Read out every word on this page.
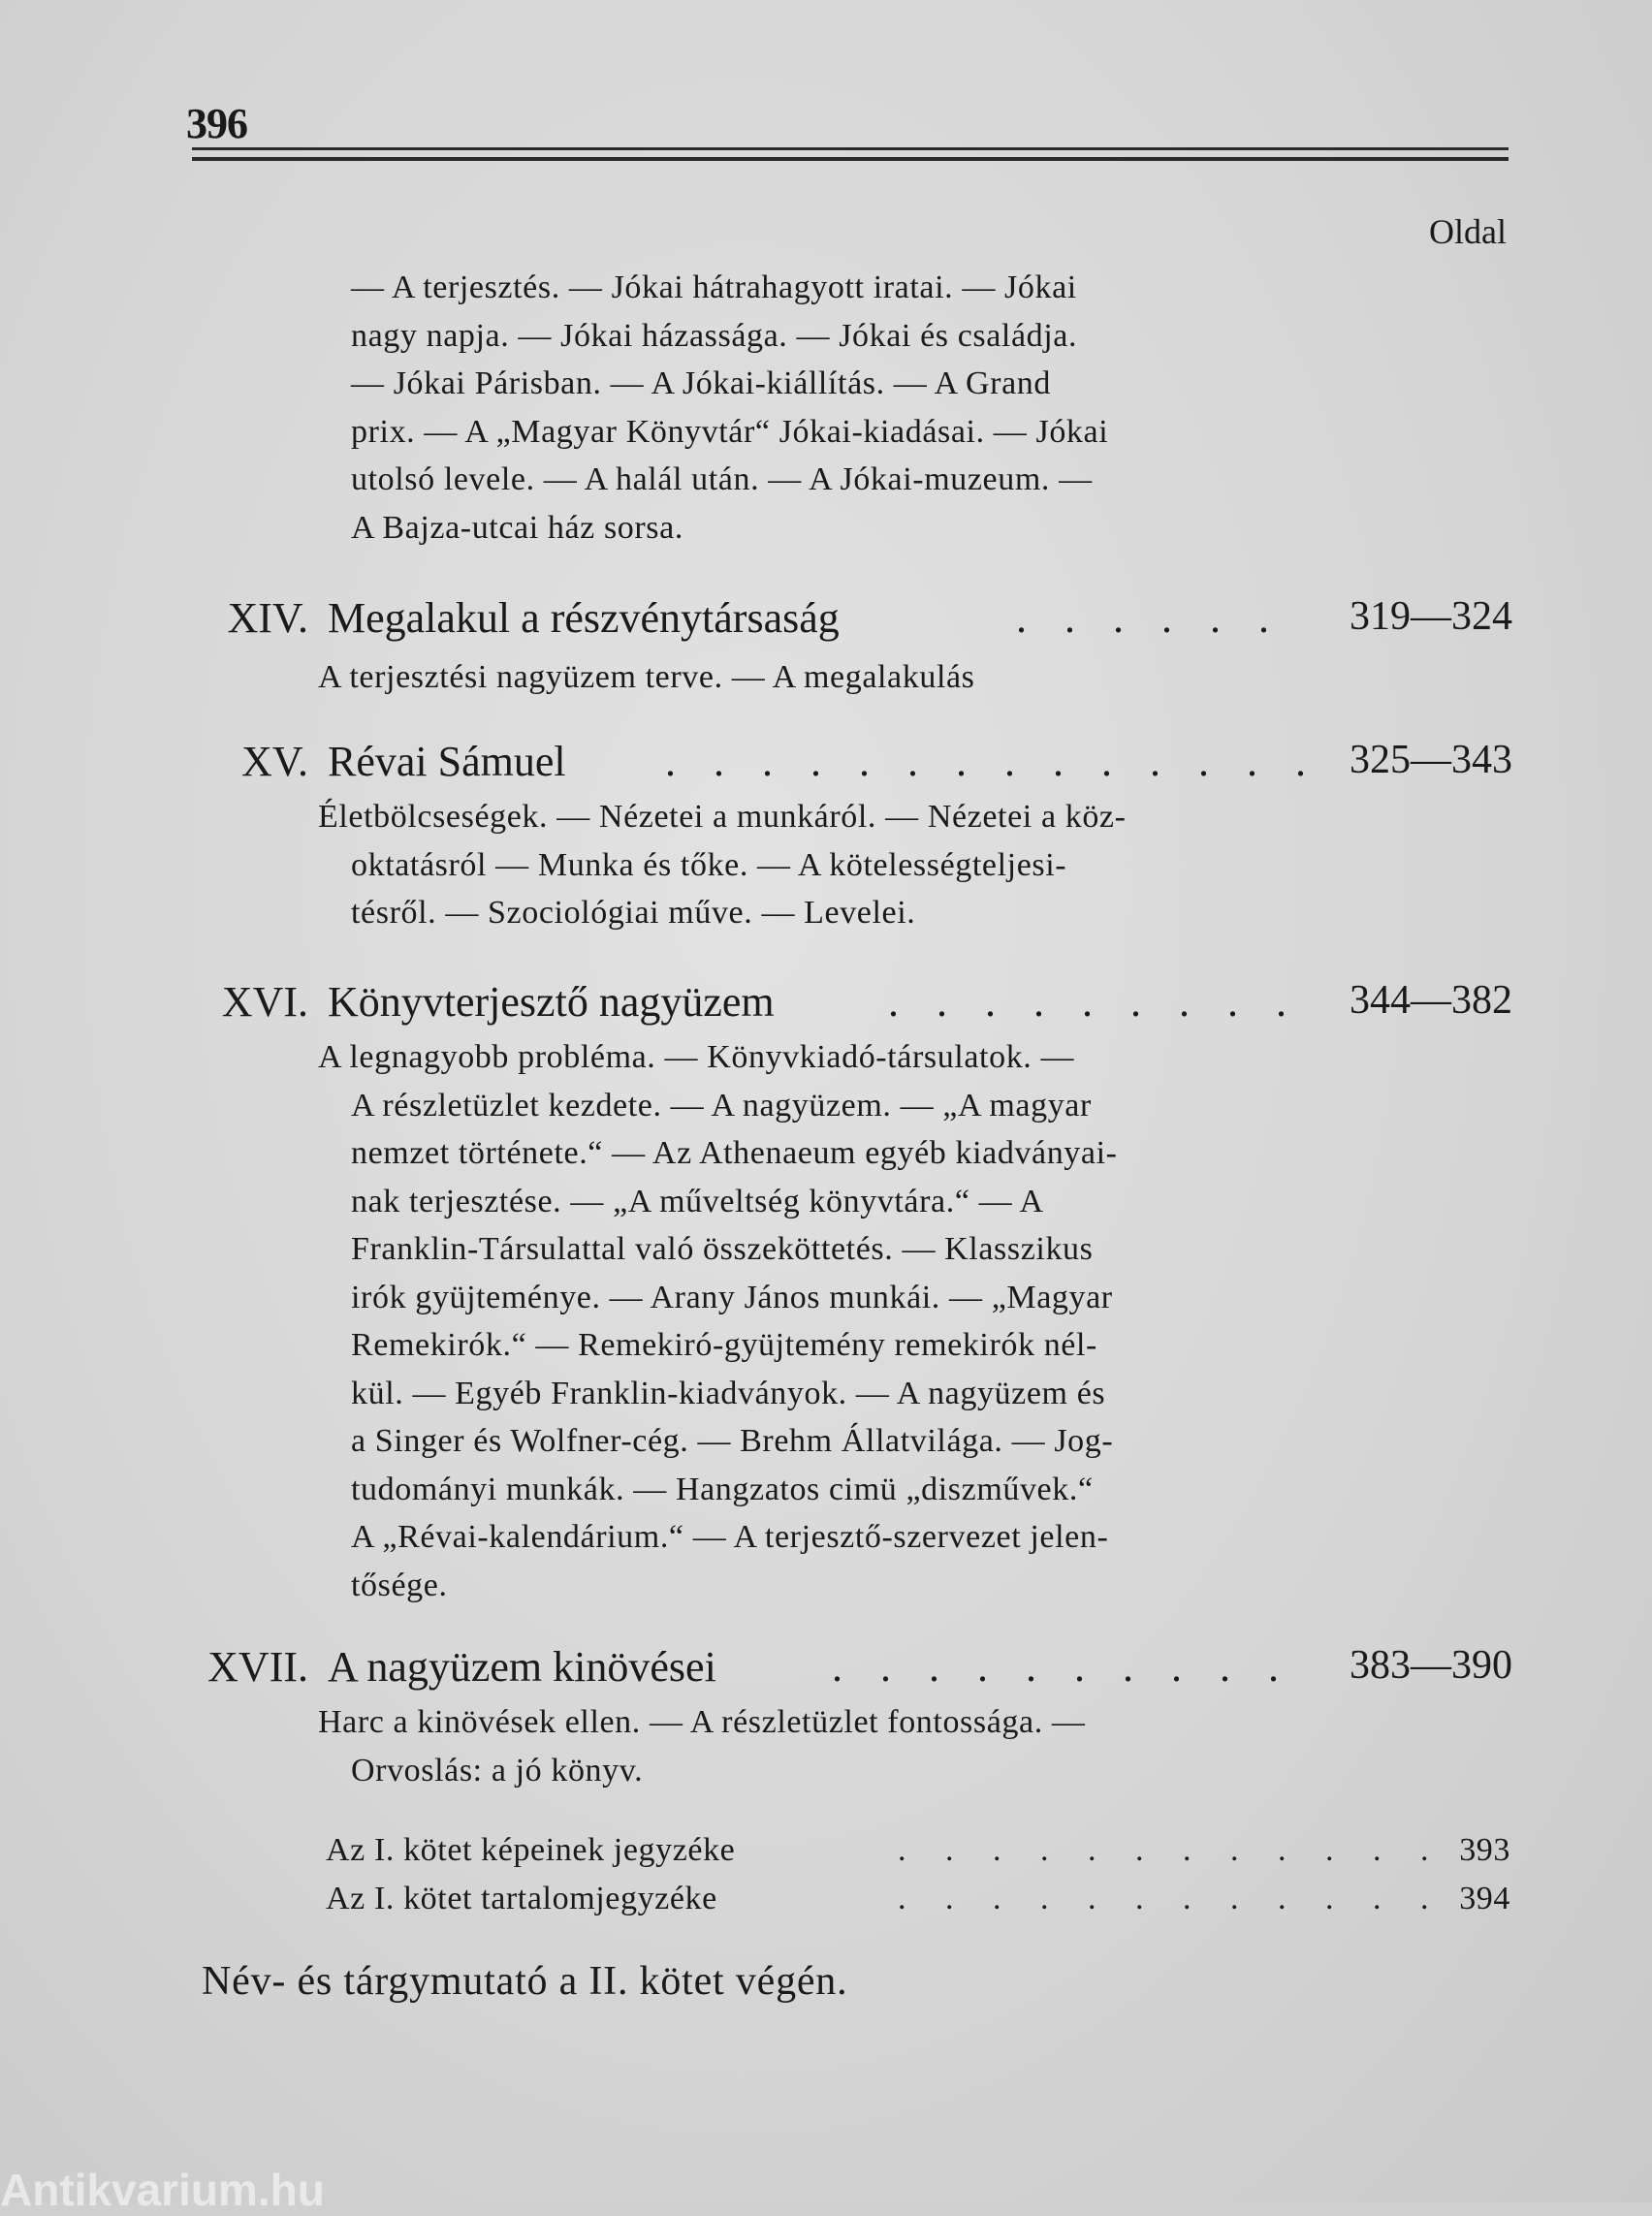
396
Oldal
— A terjesztés. — Jókai hátrahagyott iratai. — Jókai
nagy napja. — Jókai házassága. — Jókai és családja.
— Jókai Párisban. — A Jókai-kiállítás. — A Grand
prix. — A „Magyar Könyvtár“ Jókai-kiadásai. — Jókai
utolsó levele. — A halál után. — A Jókai-muzeum. —
A Bajza-utcai ház sorsa.
XIV. Megalakul a részvénytársaság	. . . . . . 319—324
A terjesztési nagyüzem terve. — A megalakulás
XV. Révai Sámuel . . . . . . . . . . . . . . 325—343
Életbölcseségek. — Nézetei a munkáról. — Nézetei a köz-
oktatásról — Munka és tőke. — A kötelességteljesi-
tésről. — Szociológiai műve. — Levelei.
XVI. Könyvterjesztő nagyüzem	. . . . . . . . . 344—382
A legnagyobb probléma. — Könyvkiadó-társulatok. —
A részletüzlet kezdete. — A nagyüzem. — „A magyar
nemzet története.“ — Az Athenaeum egyéb kiadványai-
nak terjesztése. — „A műveltség könyvtára.“ — A
Franklin-Társulattal való összeköttetés. — Klasszikus
irók gyüjteménye. — Arany János munkái. — „Magyar
Remekirók.“ — Remekiró-gyüjtemény remekirók nél-
kül. — Egyéb Franklin-kiadványok. — A nagyüzem és
a Singer és Wolfner-cég. — Brehm Állatvilága. — Jog-
tudományi munkák. — Hangzatos cimü „diszművek.“
A „Révai-kalendárium.“ — A terjesztő-szervezet jelen-
tősége.
XVII. A nagyüzem kinövései	. . . . . . . . . . 383—390
Harc a kinövések ellen. — A részletüzlet fontossága. —
Orvoslás: a jó könyv.
Az I. kötet képeinek jegyzéke	. . . . . . . . . . . . 393
Az I. kötet tartalomjegyzéke	. . . . . . . . . . . . 394
Név- és tárgymutató a II. kötet végén.
Antikvarium.hu
